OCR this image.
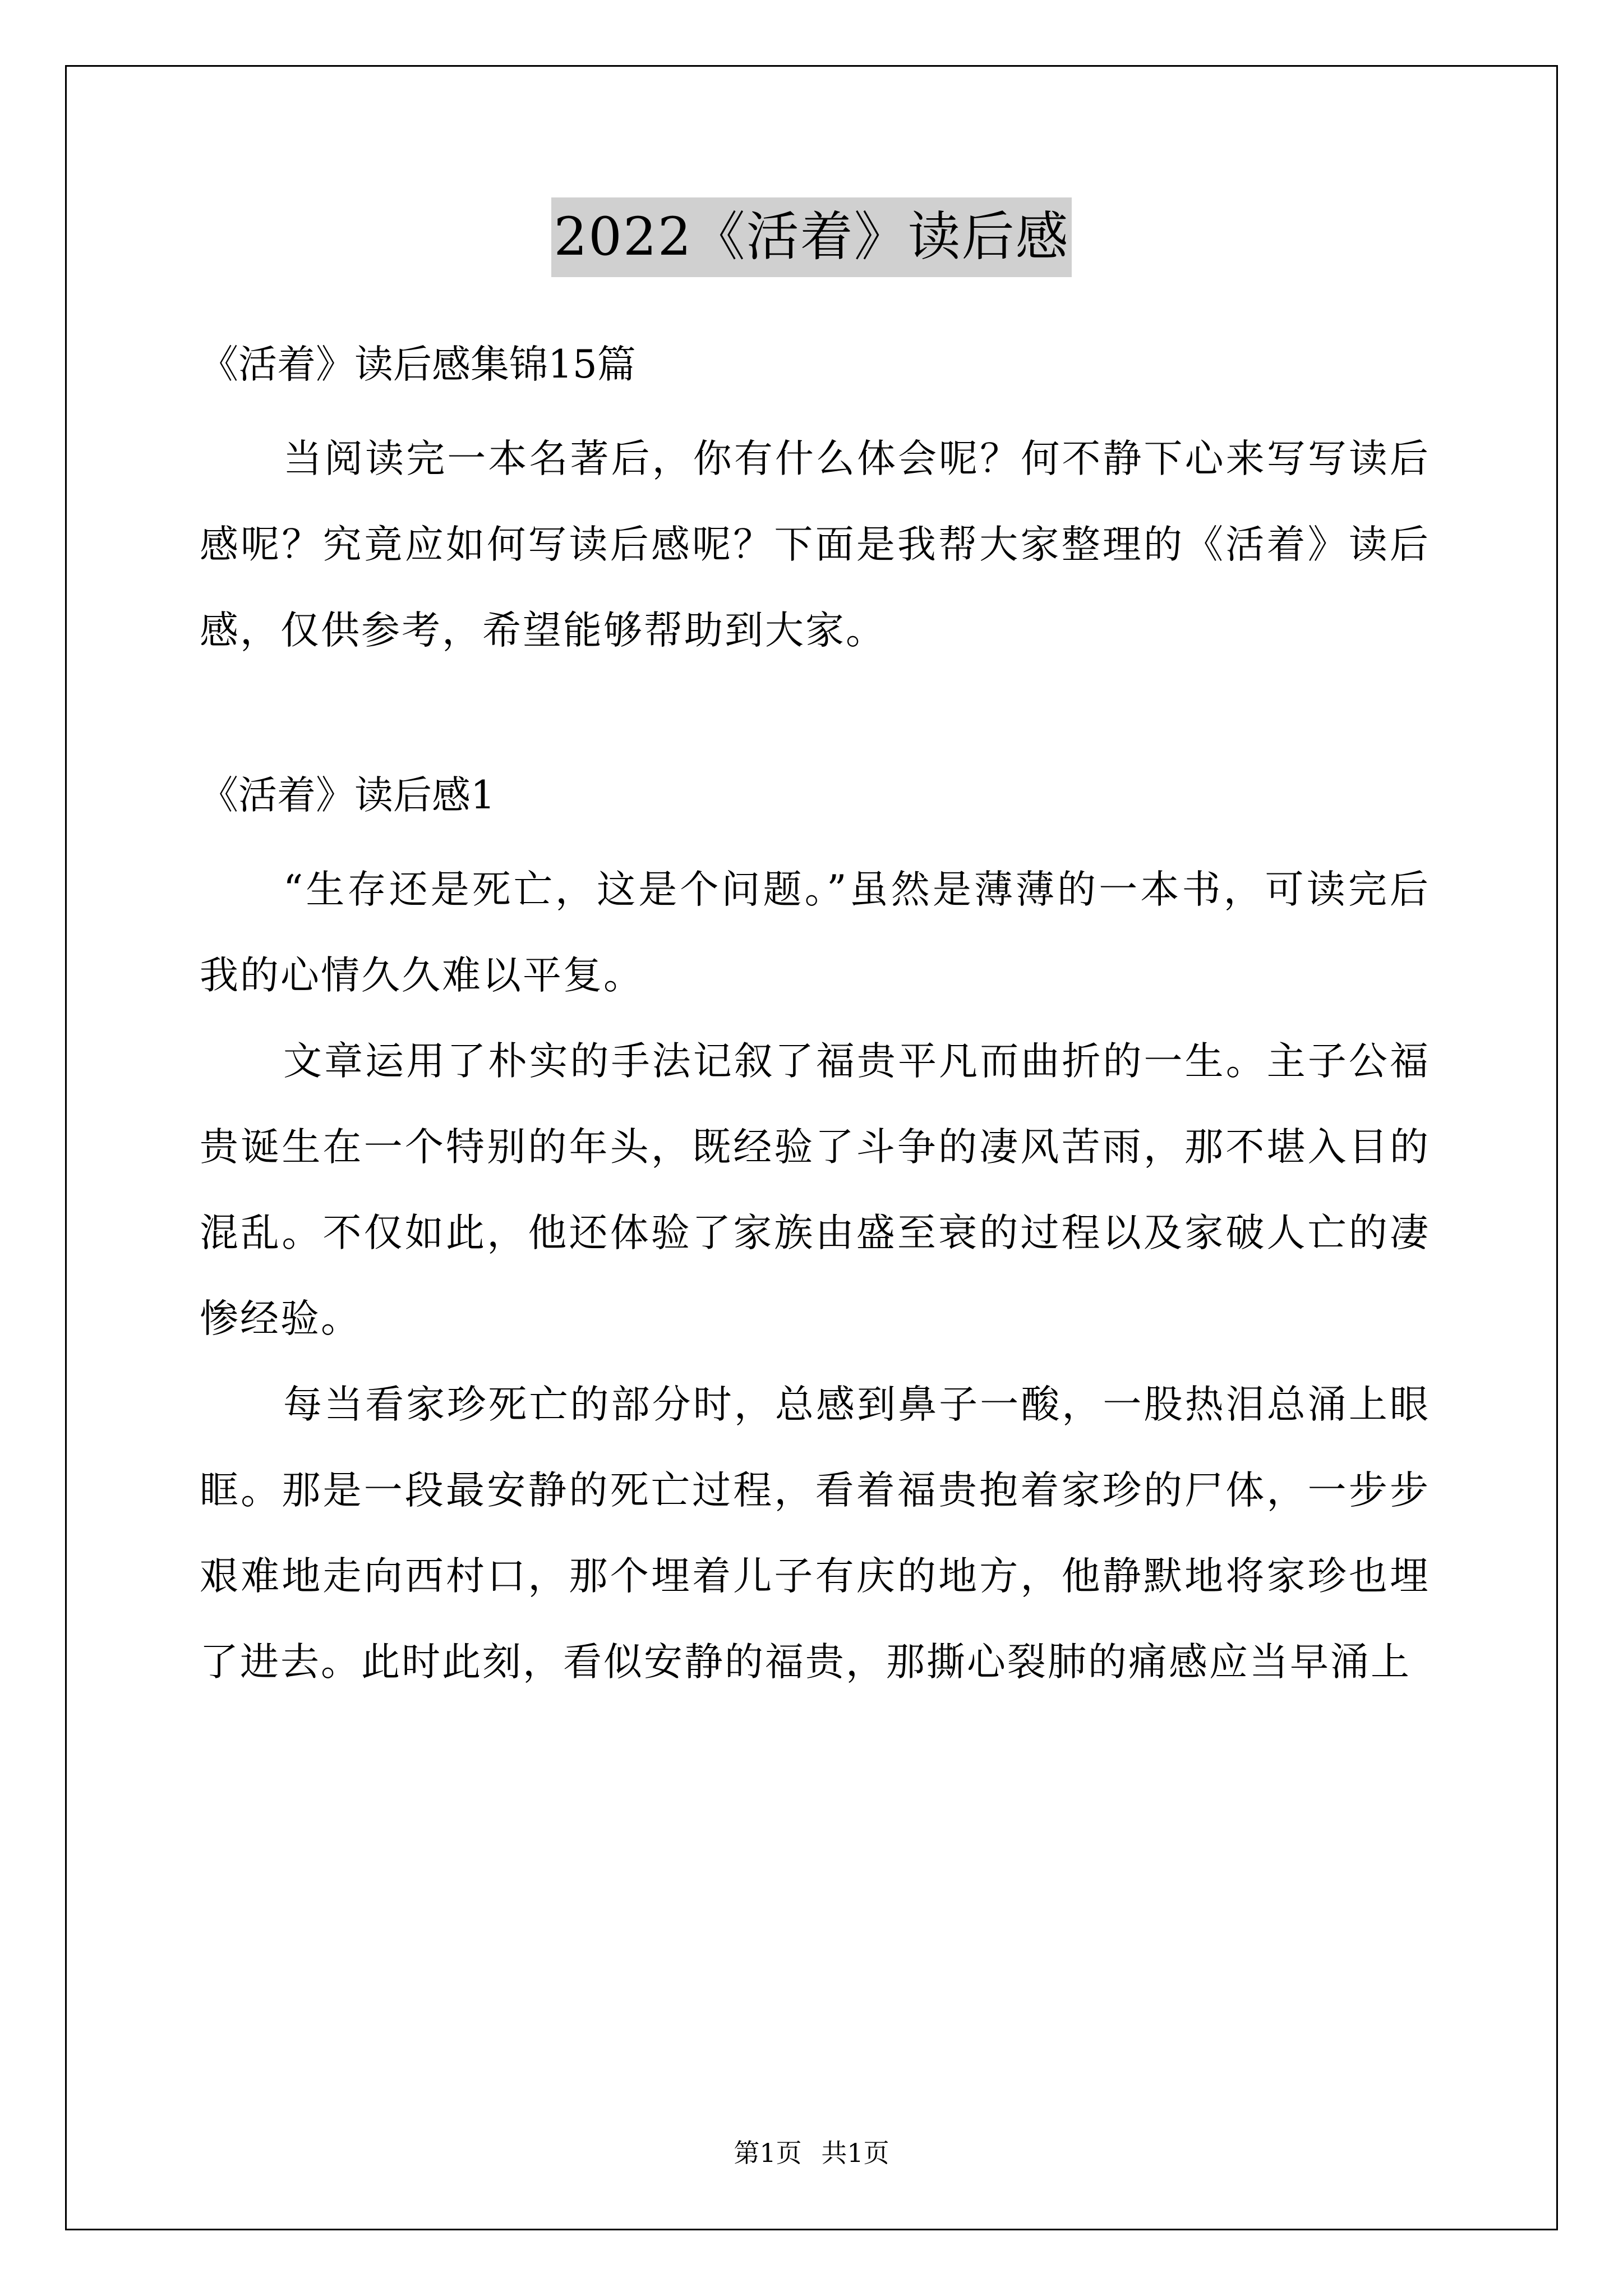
2022《活着》读后感

《活着》读后感集锦15篇

当阅读完一本名著后，你有什么体会呢？何不静下心来写写读后感呢？究竟应如何写读后感呢？下面是我帮大家整理的《活着》读后感，仅供参考，希望能够帮助到大家。

《活着》读后感1

“生存还是死亡，这是个问题。”虽然是薄薄的一本书，可读完后我的心情久久难以平复。

文章运用了朴实的手法记叙了福贵平凡而曲折的一生。主子公福贵诞生在一个特别的年头，既经验了斗争的凄风苦雨，那不堪入目的混乱。不仅如此，他还体验了家族由盛至衰的过程以及家破人亡的凄惨经验。

每当看家珍死亡的部分时，总感到鼻子一酸，一股热泪总涌上眼眶。那是一段最安静的死亡过程，看着福贵抱着家珍的尸体，一步步艰难地走向西村口，那个埋着儿子有庆的地方，他静默地将家珍也埋了进去。此时此刻，看似安静的福贵，那撕心裂肺的痛感应当早涌上

第1页 共1页
